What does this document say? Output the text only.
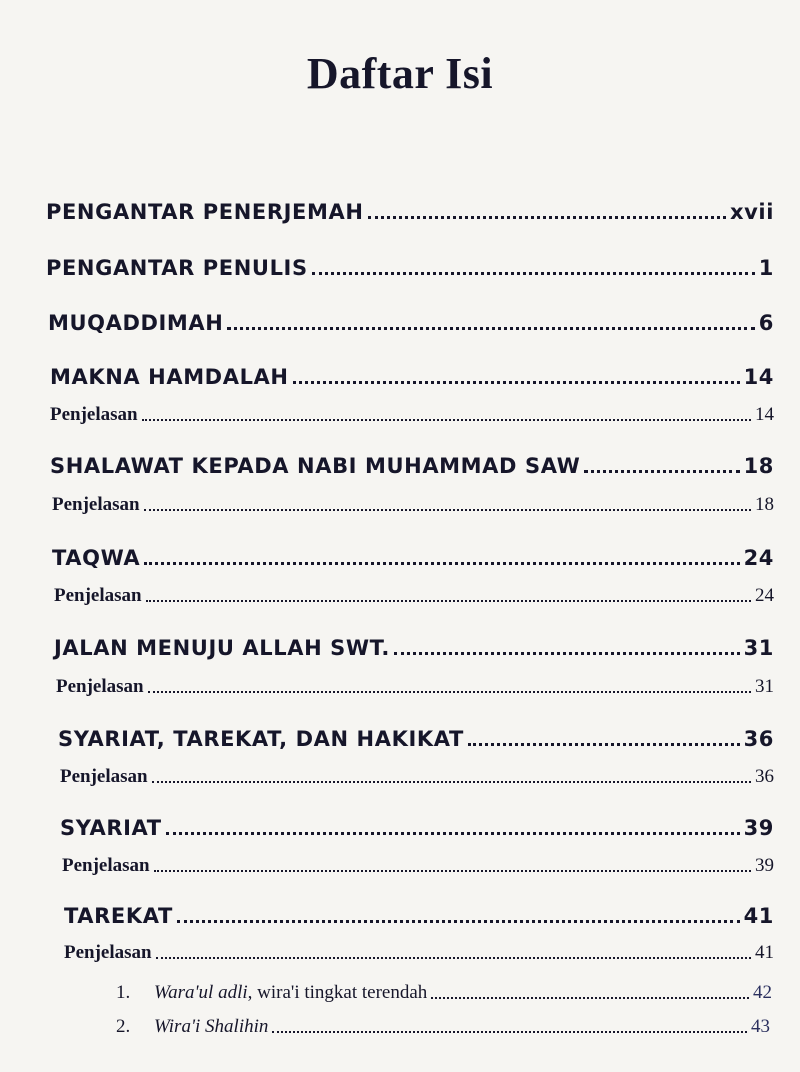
Daftar Isi
PENGANTAR PENERJEMAH	xvii
PENGANTAR PENULIS	1
MUQADDIMAH	6
MAKNA HAMDALAH	14
Penjelasan	14
SHALAWAT KEPADA NABI MUHAMMAD SAW	18
Penjelasan	18
TAQWA	24
Penjelasan	24
JALAN MENUJU ALLAH SWT.	31
Penjelasan	31
SYARIAT, TAREKAT, DAN HAKIKAT	36
Penjelasan	36
SYARIAT	39
Penjelasan	39
TAREKAT	41
Penjelasan	41
1. Wara'ul adli, wira'i tingkat terendah	42
2. Wira'i Shalihin	43
